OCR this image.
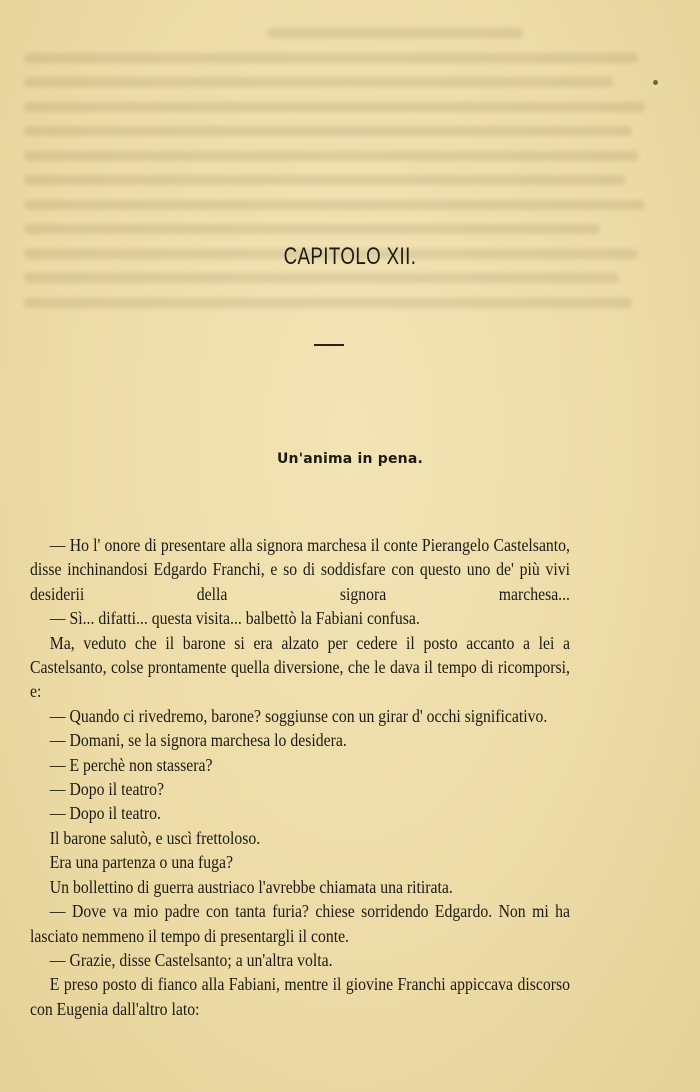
CAPITOLO XII.
Un'anima in pena.

— Ho l' onore di presentare alla signora marchesa il conte Pierangelo Castelsanto, disse inchinandosi Edgardo Franchi, e so di soddisfare con questo uno de' più vivi desiderii della signora marchesa...

— Sì... difatti... questa visita... balbettò la Fabiani confusa.

Ma, veduto che il barone si era alzato per cedere il posto accanto a lei a Castelsanto, colse prontamente quella diversione, che le dava il tempo di ricomporsi, e:

— Quando ci rivedremo, barone? soggiunse con un girar d' occhi significativo.

— Domani, se la signora marchesa lo desidera.

— E perchè non stassera?

— Dopo il teatro?

— Dopo il teatro.

Il barone salutò, e uscì frettoloso.

Era una partenza o una fuga?

Un bollettino di guerra austriaco l'avrebbe chiamata una ritirata.

— Dove va mio padre con tanta furia? chiese sorridendo Edgardo. Non mi ha lasciato nemmeno il tempo di presentargli il conte.

— Grazie, disse Castelsanto; a un'altra volta.

E preso posto di fianco alla Fabiani, mentre il giovine Franchi appiccava discorso con Eugenia dall'altro lato:
